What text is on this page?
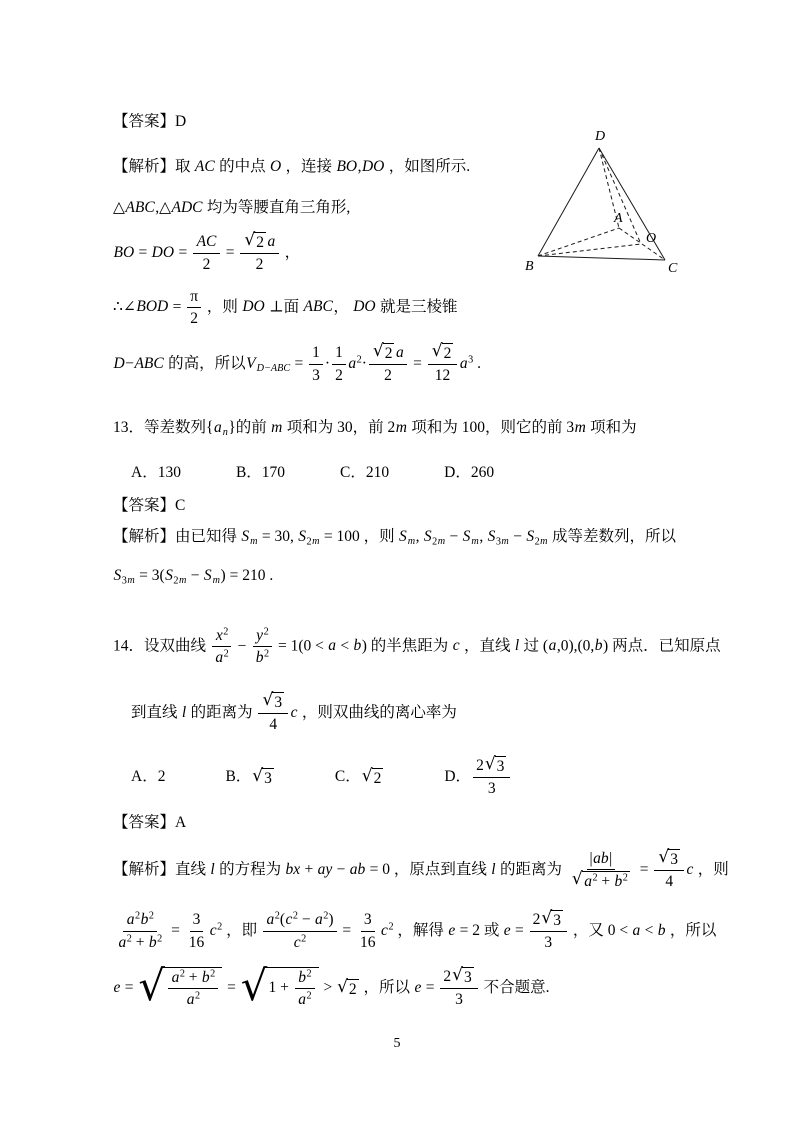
【答案】D

【解析】取 AC 的中点 O ，连接 BO,DO ，如图所示.

△ABC,△ADC 均为等腰直角三角形,

BO = DO = $\frac{AC}{2} = \frac{√ 2 a}{2}$ ，

∴∠BOD = $\frac{\pi}{2}$ ，则 DO ⊥面 ABC， DO 就是三棱锥

D−ABC 的高，所以$V_{D-ABC} = \frac{1}{3} \cdot \frac{1}{2} a^2\cdot \frac{√ 2 a}{2} = \frac{√ 2}{12} a^3$ .

D
A
O
B	C

13．等差数列$\{a_n\}$的前 m 项和为 30，前 2m 项和为 100，则它的前 3m 项和为

A．130	B．170	C．210	D．260

【答案】C

【解析】由已知得 $S_m = 30$, $S_{2m} = 100$ ，则 $S_m$, $S_{2m} - S_m$, $S_{3m} - S_{2m}$ 成等差数列，所以

$S_{3m} = 3(S_{2m} - S_m) = 210$ .

14．设双曲线 $\frac{x^2}{a^2} - \frac{y^2}{b^2} = 1(0 < a < b)$ 的半焦距为 c ，直线 l 过 (a,0),(0,b) 两点．已知原点

到直线 l 的距离为 $\frac{√ 3}{4}$ c ，则双曲线的离心率为

A．2	B． √ 3	C． √ 2	D． $\frac{2 √ 3}{3}$

【答案】A

【解析】直线 l 的方程为 bx + ay − ab = 0 ，原点到直线 l 的距离为 $\frac{| ab |}{√ a^2 + b^2} = \frac{√ 3}{4}$ c ，则

$\frac{a^2 b^2}{a^2 + b^2} = \frac{3}{16} c^2$ ，即 $\frac{a^2 ( c^2 - a^2 )}{c^2} = \frac{3}{16} c^2$ ，解得 e = 2 或 $e = \frac{2 √ 3}{3}$ ，又 0 < a < b ，所以

e = √ $\frac{a^2 + b^2}{a^2}$ = √ $1 + \frac{b^2}{a^2}$ > √ 2 ，所以 $e = \frac{2 √ 3}{3}$ 不合题意.

5
